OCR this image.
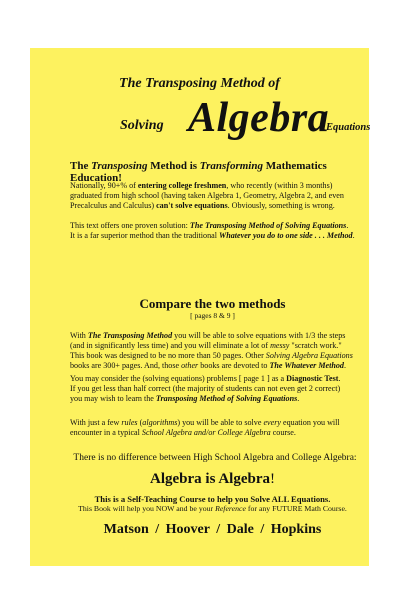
The Transposing Method of
Solving Algebra
Equations
The Transposing Method is Transforming Mathematics Education!
Nationally, 90+% of entering college freshmen, who recently (within 3 months)
graduated from high school (having taken Algebra 1, Geometry, Algebra 2, and even
Precalculus and Calculus) can't solve equations. Obviously, something is wrong.
This text offers one proven solution: The Transposing Method of Solving Equations.
It is a far superior method than the traditional Whatever you do to one side . . . Method.
Compare the two methods
[ pages 8 & 9 ]
With The Transposing Method you will be able to solve equations with 1/3 the steps
(and in significantly less time) and you will eliminate a lot of messy "scratch work."
This book was designed to be no more than 50 pages. Other Solving Algebra Equations
books are 300+ pages. And, those other books are devoted to The Whatever Method.
You may consider the (solving equations) problems [ page 1 ] as a Diagnostic Test.
If you get less than half correct (the majority of students can not even get 2 correct)
you may wish to learn the Transposing Method of Solving Equations.
With just a few rules (algorithms) you will be able to solve every equation you will
encounter in a typical School Algebra and/or College Algebra course.
There is no difference between High School Algebra and College Algebra:
Algebra is Algebra!
This is a Self-Teaching Course to help you Solve ALL Equations.
This Book will help you NOW and be your Reference for any FUTURE Math Course.
Matson / Hoover / Dale / Hopkins
